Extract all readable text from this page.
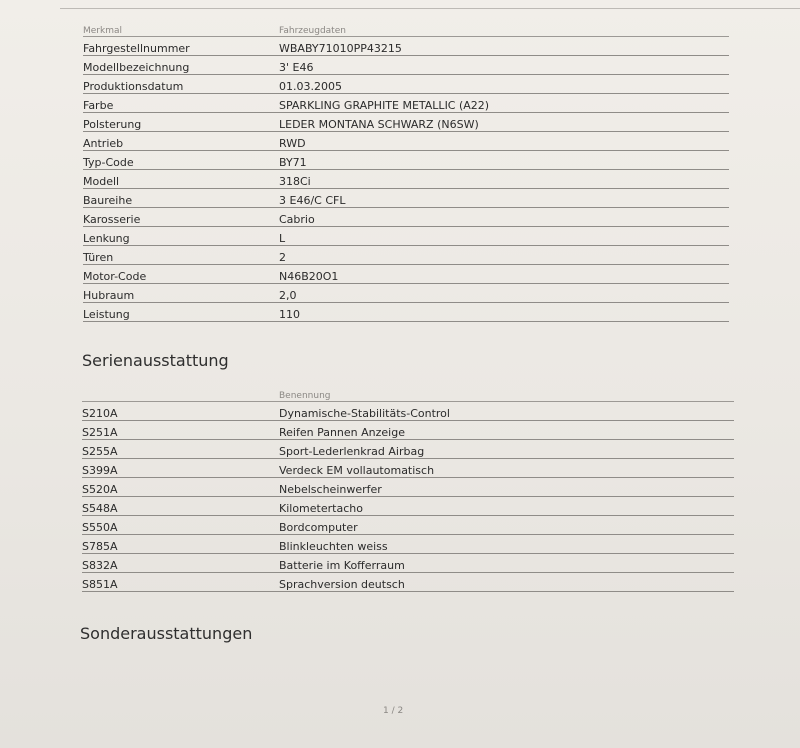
Merkmal	Fahrzeugdaten
Fahrgestellnummer	WBABY71010PP43215
Modellbezeichnung	3' E46
Produktionsdatum	01.03.2005
Farbe	SPARKLING GRAPHITE METALLIC (A22)
Polsterung	LEDER MONTANA SCHWARZ (N6SW)
Antrieb	RWD
Typ-Code	BY71
Modell	318Ci
Baureihe	3 E46/C CFL
Karosserie	Cabrio
Lenkung	L
Türen	2
Motor-Code	N46B20O1
Hubraum	2,0
Leistung	110
Serienausstattung
	Benennung
S210A	Dynamische-Stabilitäts-Control
S251A	Reifen Pannen Anzeige
S255A	Sport-Lederlenkrad Airbag
S399A	Verdeck EM vollautomatisch
S520A	Nebelscheinwerfer
S548A	Kilometertacho
S550A	Bordcomputer
S785A	Blinkleuchten weiss
S832A	Batterie im Kofferraum
S851A	Sprachversion deutsch
Sonderausstattungen
1 / 2
